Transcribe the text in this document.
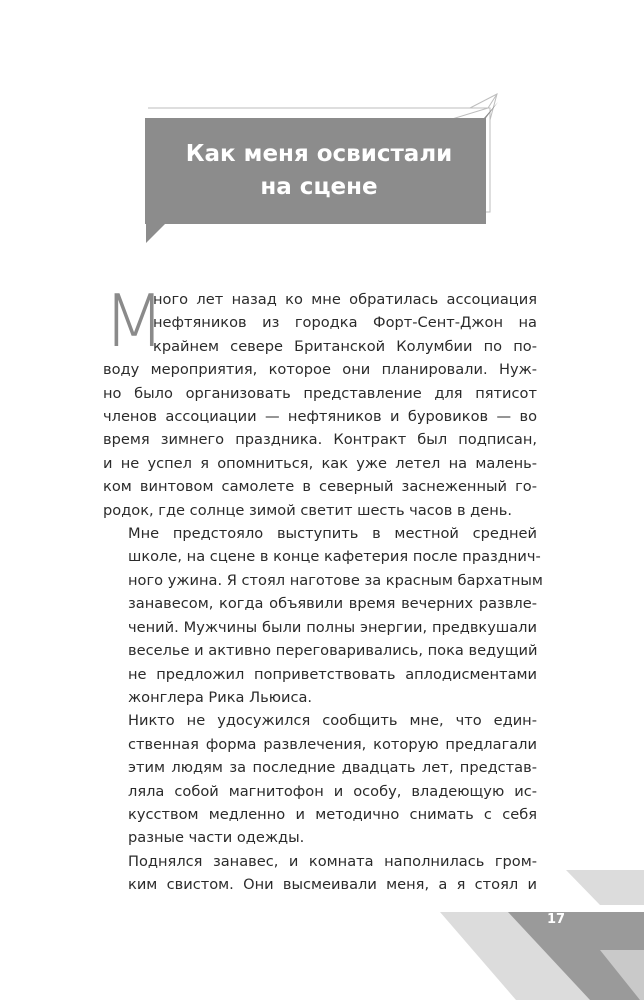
Как меня освистали
на сцене
М

ного лет назад ко мне обратилась ассоциация
нефтяников из городка Форт-Сент-Джон на
крайнем севере Британской Колумбии по по-
воду мероприятия, которое они планировали. Нуж-
но было организовать представление для пятисот
членов ассоциации — нефтяников и буровиков — во
время зимнего праздника. Контракт был подписан,
и не успел я опомниться, как уже летел на малень-
ком винтовом самолете в северный заснеженный го-
родок, где солнце зимой светит шесть часов в день.

Мне предстояло выступить в местной средней
школе, на сцене в конце кафетерия после празднич-
ного ужина. Я стоял наготове за красным бархатным
занавесом, когда объявили время вечерних развле-
чений. Мужчины были полны энергии, предвкушали
веселье и активно переговаривались, пока ведущий
не предложил поприветствовать аплодисментами
жонглера Рика Льюиса.

Никто не удосужился сообщить мне, что един-
ственная форма развлечения, которую предлагали
этим людям за последние двадцать лет, представ-
ляла собой магнитофон и особу, владеющую ис-
кусством медленно и методично снимать с себя
разные части одежды.

Поднялся занавес, и комната наполнилась гром-
ким свистом. Они высмеивали меня, а я стоял и

17
